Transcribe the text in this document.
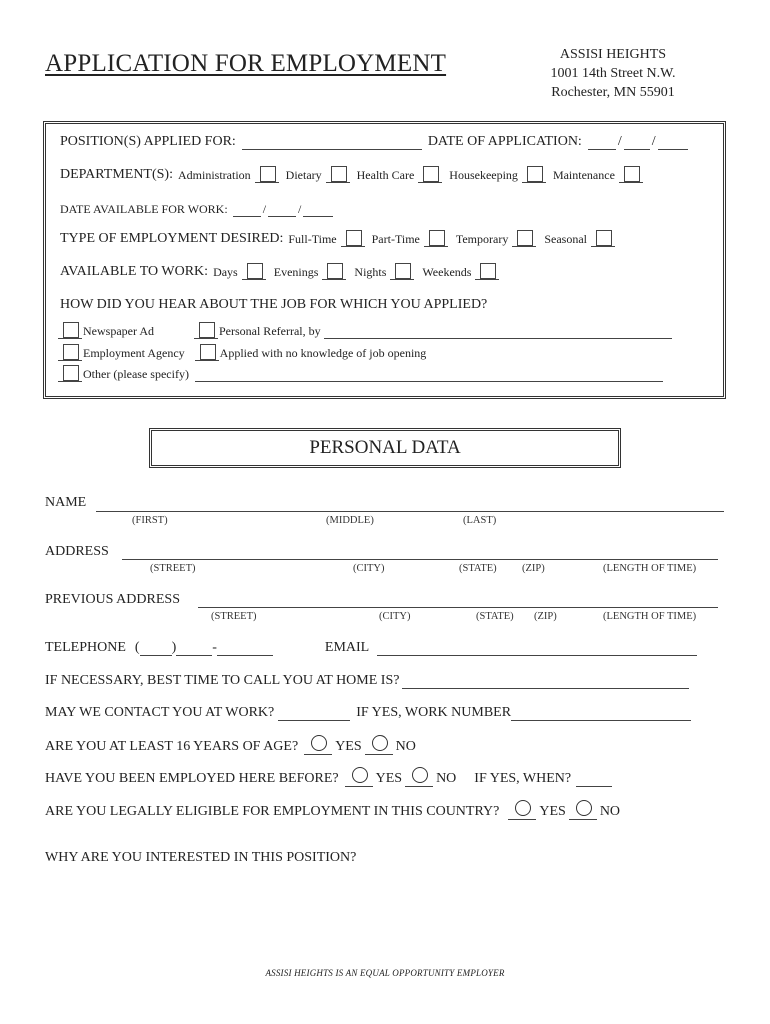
APPLICATION FOR EMPLOYMENT	ASSISI HEIGHTS
1001 14th Street N.W.
Rochester, MN 55901
POSITION(S) APPLIED FOR:	DATE OF APPLICATION:	/ /
DEPARTMENT(S): Administration	Dietary	Health Care	Housekeeping	Maintenance
DATE AVAILABLE FOR WORK:	/	/
TYPE OF EMPLOYMENT DESIRED: Full-Time	Part-Time	Temporary	Seasonal
AVAILABLE TO WORK: Days	Evenings	Nights	Weekends
HOW DID YOU HEAR ABOUT THE JOB FOR WHICH YOU APPLIED?
Newspaper Ad	Personal Referral, by
Employment Agency	Applied with no knowledge of job opening
Other (please specify)
PERSONAL DATA
NAME
(FIRST)	(MIDDLE)	(LAST)
ADDRESS
(STREET)	(CITY)	(STATE) (ZIP)	(LENGTH OF TIME)
PREVIOUS ADDRESS
(STREET)	(CITY)	(STATE) (ZIP)	(LENGTH OF TIME)
TELEPHONE ( )	-	EMAIL
IF NECESSARY, BEST TIME TO CALL YOU AT HOME IS?
MAY WE CONTACT YOU AT WORK?	IF YES, WORK NUMBER
ARE YOU AT LEAST 16 YEARS OF AGE?	YES NO
HAVE YOU BEEN EMPLOYED HERE BEFORE?	YES NO IF YES, WHEN?
ARE YOU LEGALLY ELIGIBLE FOR EMPLOYMENT IN THIS COUNTRY?	YES NO
WHY ARE YOU INTERESTED IN THIS POSITION?
ASSISI HEIGHTS IS AN EQUAL OPPORTUNITY EMPLOYER
